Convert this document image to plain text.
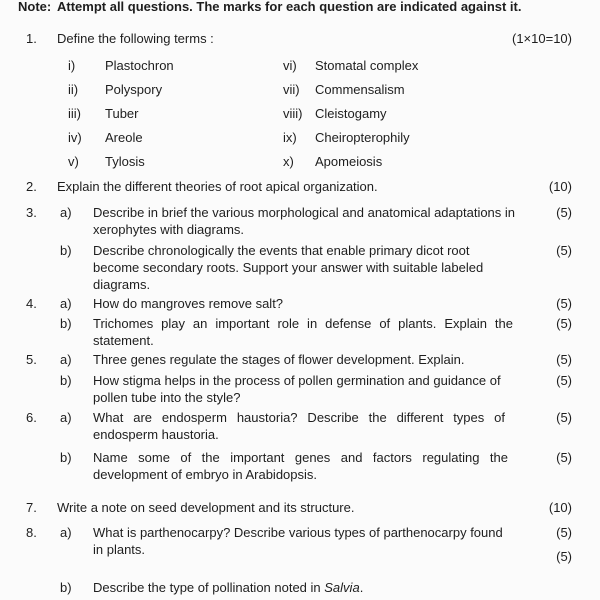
Note: Attempt all questions. The marks for each question are indicated against it.
1.	Define the following terms :	(1×10=10)
i)	Plastochron	vi)	Stomatal complex
ii)	Polyspory	vii)	Commensalism
iii)	Tuber	viii) Cleistogamy
iv)	Areole	ix)	Cheiropterophily
v)	Tylosis	x)	Apomeiosis
2.	Explain the different theories of root apical organization.	(10)
3.	a)	Describe in brief the various morphological and anatomical adaptations in xerophytes with diagrams.
(5)
b)	Describe chronologically the events that enable primary dicot root become secondary roots. Support your answer with suitable labeled diagrams.
(5)
4.	a)	How do mangroves remove salt?	(5)
b)	Trichomes play an important role in defense of plants. Explain the statement.
(5)
5.	a)	Three genes regulate the stages of flower development. Explain.	(5)
b)	How stigma helps in the process of pollen germination and guidance of pollen tube into the style?
(5)
6.	a)	What are endosperm haustoria? Describe the different types of endosperm haustoria.
(5)
b)	Name some of the important genes and factors regulating the development of embryo in Arabidopsis.
(5)
7.	Write a note on seed development and its structure.	(10)
8.	a)	What is parthenocarpy? Describe various types of parthenocarpy found in plants.
(5)
(5)
b)	Describe the type of pollination noted in Salvia.
